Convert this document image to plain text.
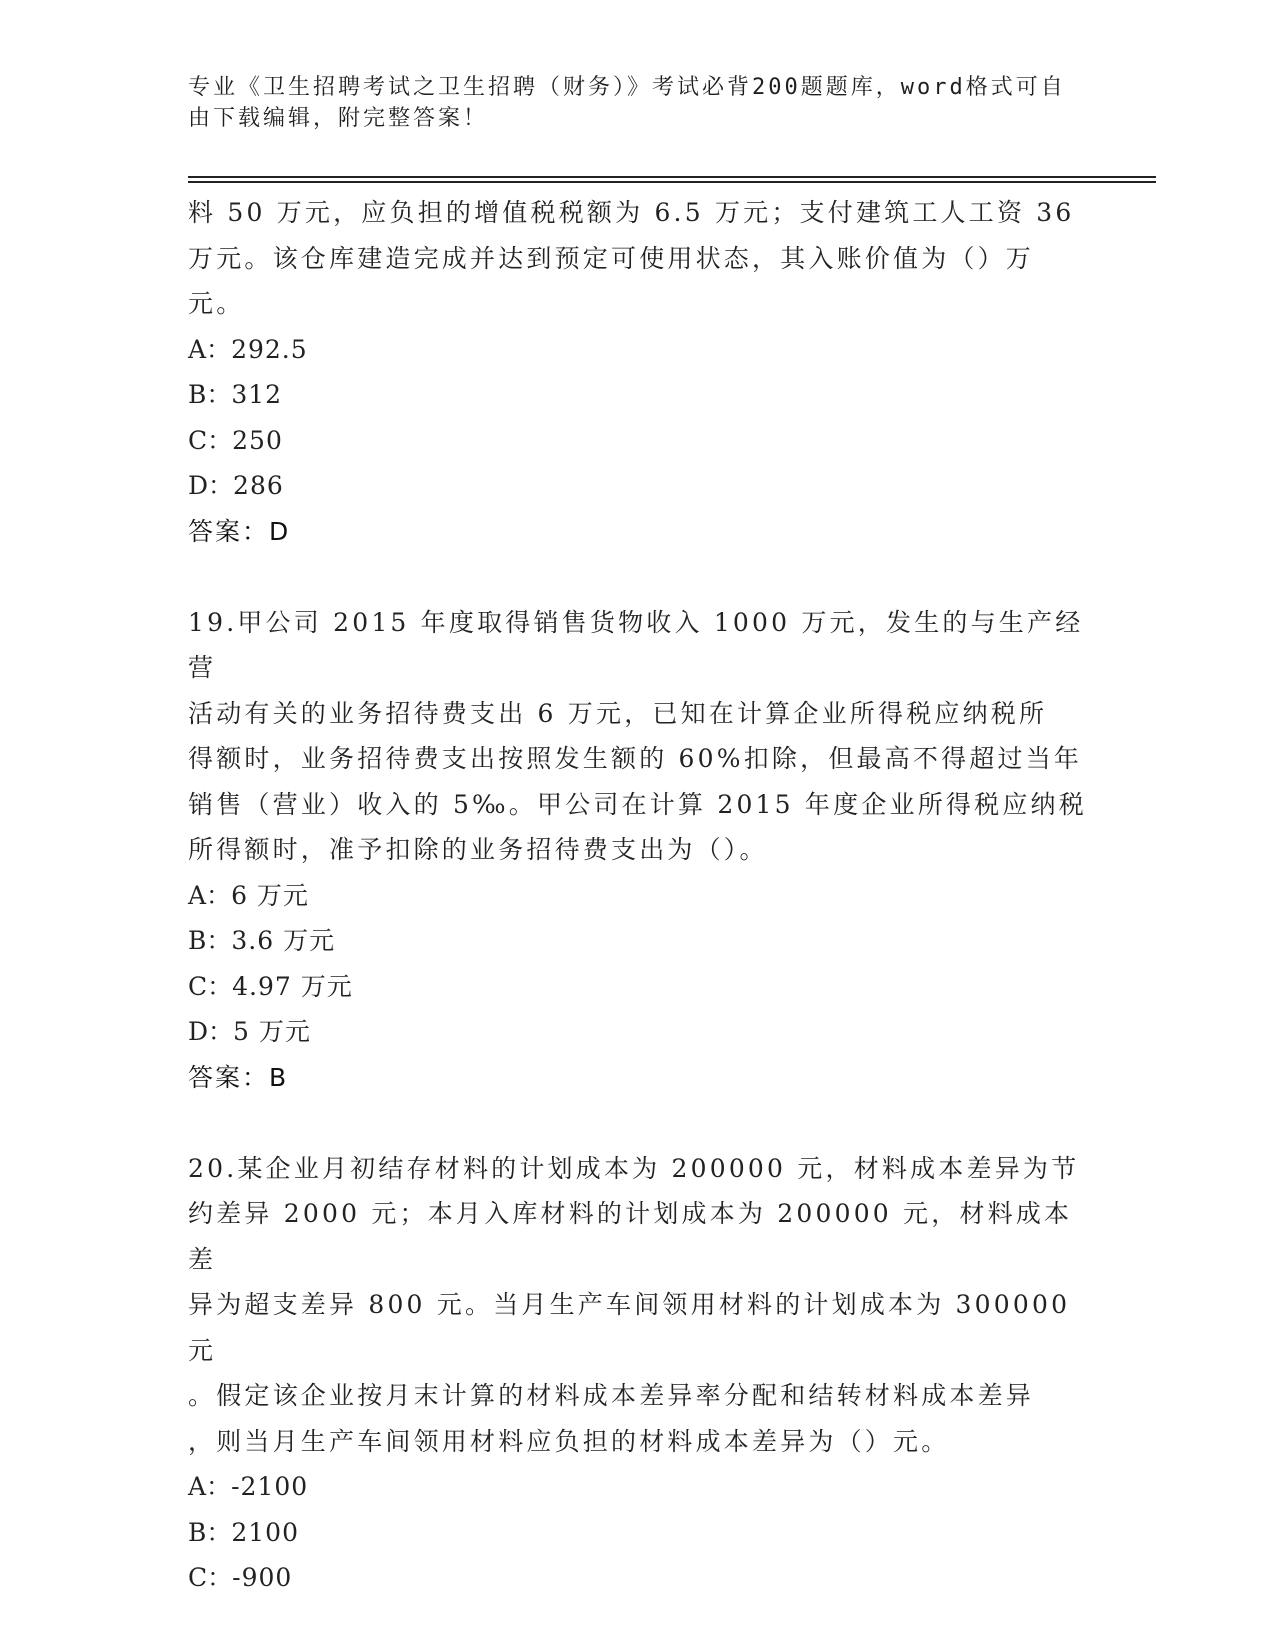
专业《卫生招聘考试之卫生招聘（财务）》考试必背200题题库，word格式可自由下载编辑，附完整答案！

料 50 万元，应负担的增值税税额为 6.5 万元；支付建筑工人工资 36

万元。该仓库建造完成并达到预定可使用状态，其入账价值为（）万

元。

A：292.5

B：312

C：250

D：286

答案：D

19.甲公司 2015 年度取得销售货物收入 1000 万元，发生的与生产经营

活动有关的业务招待费支出 6 万元，已知在计算企业所得税应纳税所

得额时，业务招待费支出按照发生额的 60%扣除，但最高不得超过当年

销售（营业）收入的 5‰。甲公司在计算 2015 年度企业所得税应纳税

所得额时，准予扣除的业务招待费支出为（）。

A：6 万元

B：3.6 万元

C：4.97 万元

D：5 万元

答案：B

20.某企业月初结存材料的计划成本为 200000 元，材料成本差异为节

约差异 2000 元；本月入库材料的计划成本为 200000 元，材料成本差

异为超支差异 800 元。当月生产车间领用材料的计划成本为 300000 元

。假定该企业按月末计算的材料成本差异率分配和结转材料成本差异

，则当月生产车间领用材料应负担的材料成本差异为（）元。

A：-2100

B：2100

C：-900
